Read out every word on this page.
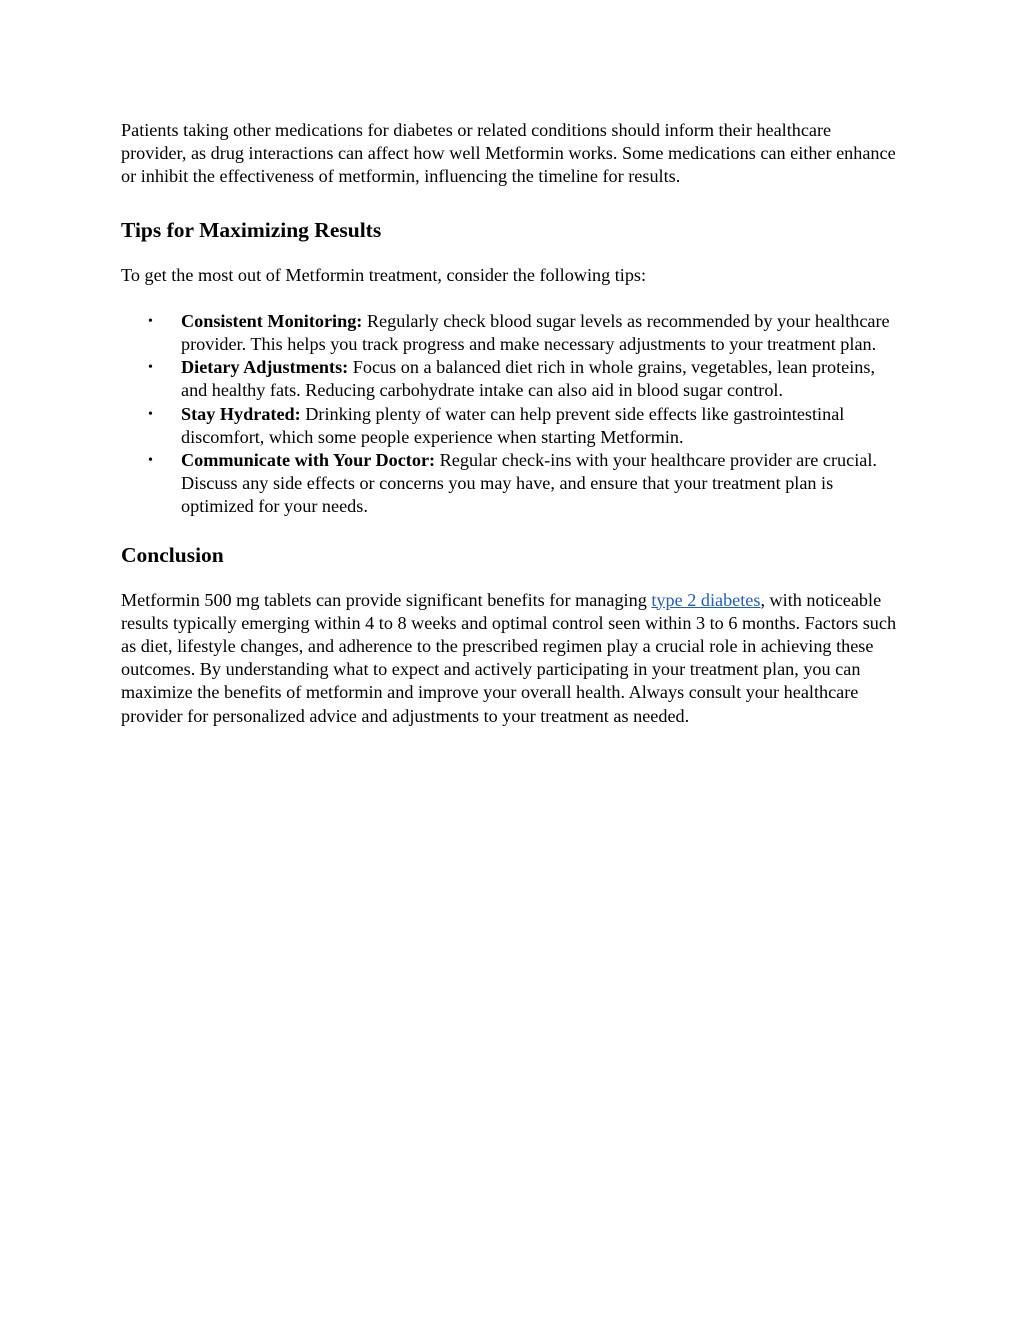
Patients taking other medications for diabetes or related conditions should inform their healthcare provider, as drug interactions can affect how well Metformin works. Some medications can either enhance or inhibit the effectiveness of metformin, influencing the timeline for results.

Tips for Maximizing Results

To get the most out of Metformin treatment, consider the following tips:

• Consistent Monitoring: Regularly check blood sugar levels as recommended by your healthcare provider. This helps you track progress and make necessary adjustments to your treatment plan.
• Dietary Adjustments: Focus on a balanced diet rich in whole grains, vegetables, lean proteins, and healthy fats. Reducing carbohydrate intake can also aid in blood sugar control.
• Stay Hydrated: Drinking plenty of water can help prevent side effects like gastrointestinal discomfort, which some people experience when starting Metformin.
• Communicate with Your Doctor: Regular check-ins with your healthcare provider are crucial. Discuss any side effects or concerns you may have, and ensure that your treatment plan is optimized for your needs.
Conclusion

Metformin 500 mg tablets can provide significant benefits for managing type 2 diabetes, with noticeable results typically emerging within 4 to 8 weeks and optimal control seen within 3 to 6 months. Factors such as diet, lifestyle changes, and adherence to the prescribed regimen play a crucial role in achieving these outcomes. By understanding what to expect and actively participating in your treatment plan, you can maximize the benefits of metformin and improve your overall health. Always consult your healthcare provider for personalized advice and adjustments to your treatment as needed.
